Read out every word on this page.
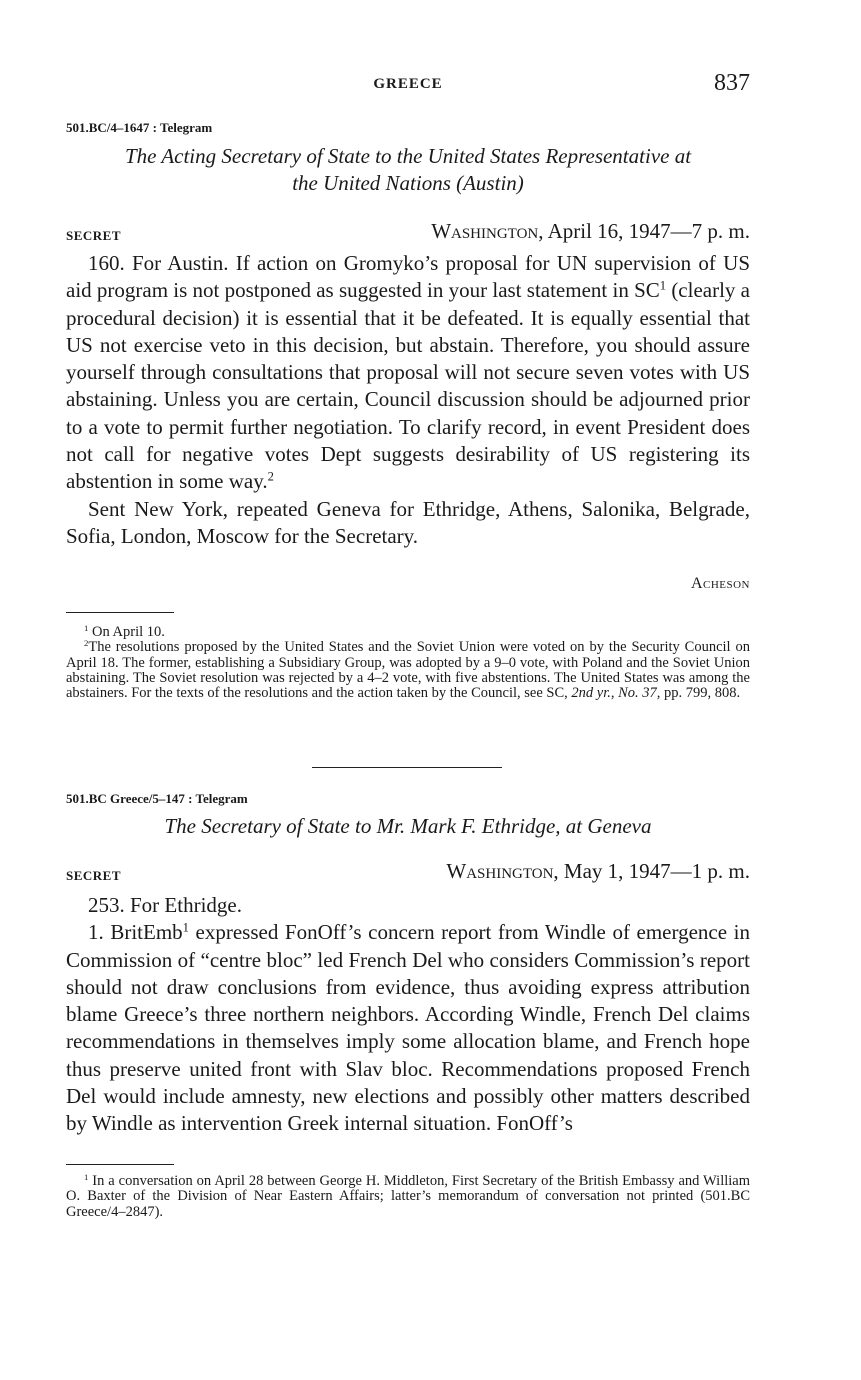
GREECE	837
501.BC/4–1647 : Telegram
The Acting Secretary of State to the United States Representative at
the United Nations (Austin)
SECRET	Washington, April 16, 1947—7 p. m.

160. For Austin. If action on Gromyko’s proposal for UN supervision of US aid program is not postponed as suggested in your last statement in $SC^1$ (clearly a procedural decision) it is essential that it be defeated. It is equally essential that US not exercise veto in this decision, but abstain. Therefore, you should assure yourself through consultations that proposal will not secure seven votes with US abstaining. Unless you are certain, Council discussion should be adjourned prior to a vote to permit further negotiation. To clarify record, in event President does not call for negative votes Dept suggests desirability of US registering its abstention in some way.$^2$

Sent New York, repeated Geneva for Ethridge, Athens, Salonika, Belgrade, Sofia, London, Moscow for the Secretary.

Acheson

$^1$ On April 10.

$^2$The resolutions proposed by the United States and the Soviet Union were voted on by the Security Council on April 18. The former, establishing a Subsidiary Group, was adopted by a 9–0 vote, with Poland and the Soviet Union abstaining. The Soviet resolution was rejected by a 4–2 vote, with five abstentions. The United States was among the abstainers. For the texts of the resolutions and the action taken by the Council, see SC, 2nd yr., No. 37, pp. 799, 808.

501.BC Greece/5–147 : Telegram
The Secretary of State to Mr. Mark F. Ethridge, at Geneva
SECRET	Washington, May 1, 1947—1 p. m.

253. For Ethridge.

1. BritEmb$^1$ expressed FonOff’s concern report from Windle of emergence in Commission of “centre bloc” led French Del who considers Commission’s report should not draw conclusions from evidence, thus avoiding express attribution blame Greece’s three northern neighbors. According Windle, French Del claims recommendations in themselves imply some allocation blame, and French hope thus preserve united front with Slav bloc. Recommendations proposed French Del would include amnesty, new elections and possibly other matters described by Windle as intervention Greek internal situation. FonOff’s

$^1$ In a conversation on April 28 between George H. Middleton, First Secretary of the British Embassy and William O. Baxter of the Division of Near Eastern Affairs; latter’s memorandum of conversation not printed (501.BC Greece/4–2847).
